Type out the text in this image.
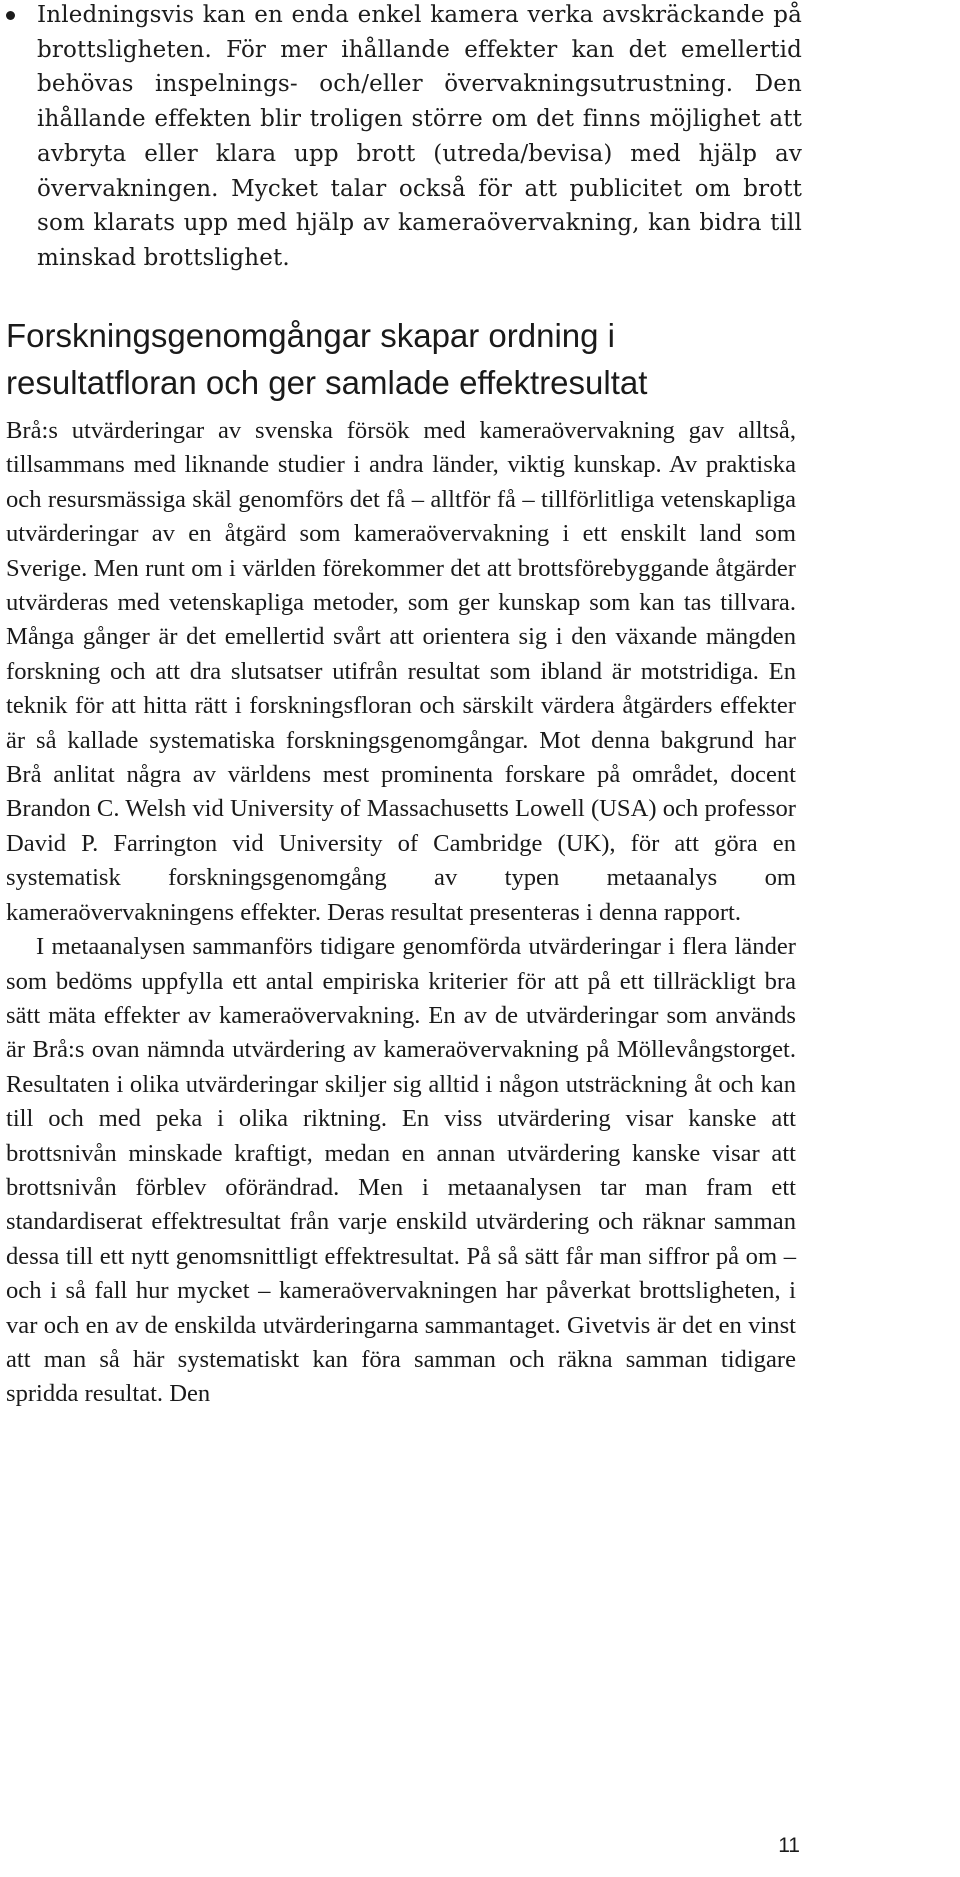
Inledningsvis kan en enda enkel kamera verka avskräckande på brottsligheten. För mer ihållande effekter kan det emellertid behövas inspelnings- och/eller övervakningsutrustning. Den ihållande effekten blir troligen större om det finns möjlighet att avbryta eller klara upp brott (utreda/bevisa) med hjälp av övervakningen. Mycket talar också för att publicitet om brott som klarats upp med hjälp av kameraövervakning, kan bidra till minskad brottslighet.
Forskningsgenomgångar skapar ordning i resultatfloran och ger samlade effektresultat

Brå:s utvärderingar av svenska försök med kameraövervakning gav alltså, tillsammans med liknande studier i andra länder, viktig kunskap. Av praktiska och resursmässiga skäl genomförs det få – alltför få – tillförlitliga vetenskapliga utvärderingar av en åtgärd som kameraövervakning i ett enskilt land som Sverige. Men runt om i världen förekommer det att brottsförebyggande åtgärder utvärderas med vetenskapliga metoder, som ger kunskap som kan tas tillvara. Många gånger är det emellertid svårt att orientera sig i den växande mängden forskning och att dra slutsatser utifrån resultat som ibland är motstridiga. En teknik för att hitta rätt i forskningsfloran och särskilt värdera åtgärders effekter är så kallade systematiska forskningsgenomgångar. Mot denna bakgrund har Brå anlitat några av världens mest prominenta forskare på området, docent Brandon C. Welsh vid University of Massachusetts Lowell (USA) och professor David P. Farrington vid University of Cambridge (UK), för att göra en systematisk forskningsgenomgång av typen metaanalys om kameraövervakningens effekter. Deras resultat presenteras i denna rapport.

I metaanalysen sammanförs tidigare genomförda utvärderingar i flera länder som bedöms uppfylla ett antal empiriska kriterier för att på ett tillräckligt bra sätt mäta effekter av kameraövervakning. En av de utvärderingar som används är Brå:s ovan nämnda utvärdering av kameraövervakning på Möllevångstorget. Resultaten i olika utvärderingar skiljer sig alltid i någon utsträckning åt och kan till och med peka i olika riktning. En viss utvärdering visar kanske att brottsnivån minskade kraftigt, medan en annan utvärdering kanske visar att brottsnivån förblev oförändrad. Men i metaanalysen tar man fram ett standardiserat effektresultat från varje enskild utvärdering och räknar samman dessa till ett nytt genomsnittligt effektresultat. På så sätt får man siffror på om – och i så fall hur mycket – kameraövervakningen har påverkat brottsligheten, i var och en av de enskilda utvärderingarna sammantaget. Givetvis är det en vinst att man så här systematiskt kan föra samman och räkna samman tidigare spridda resultat. Den

11
